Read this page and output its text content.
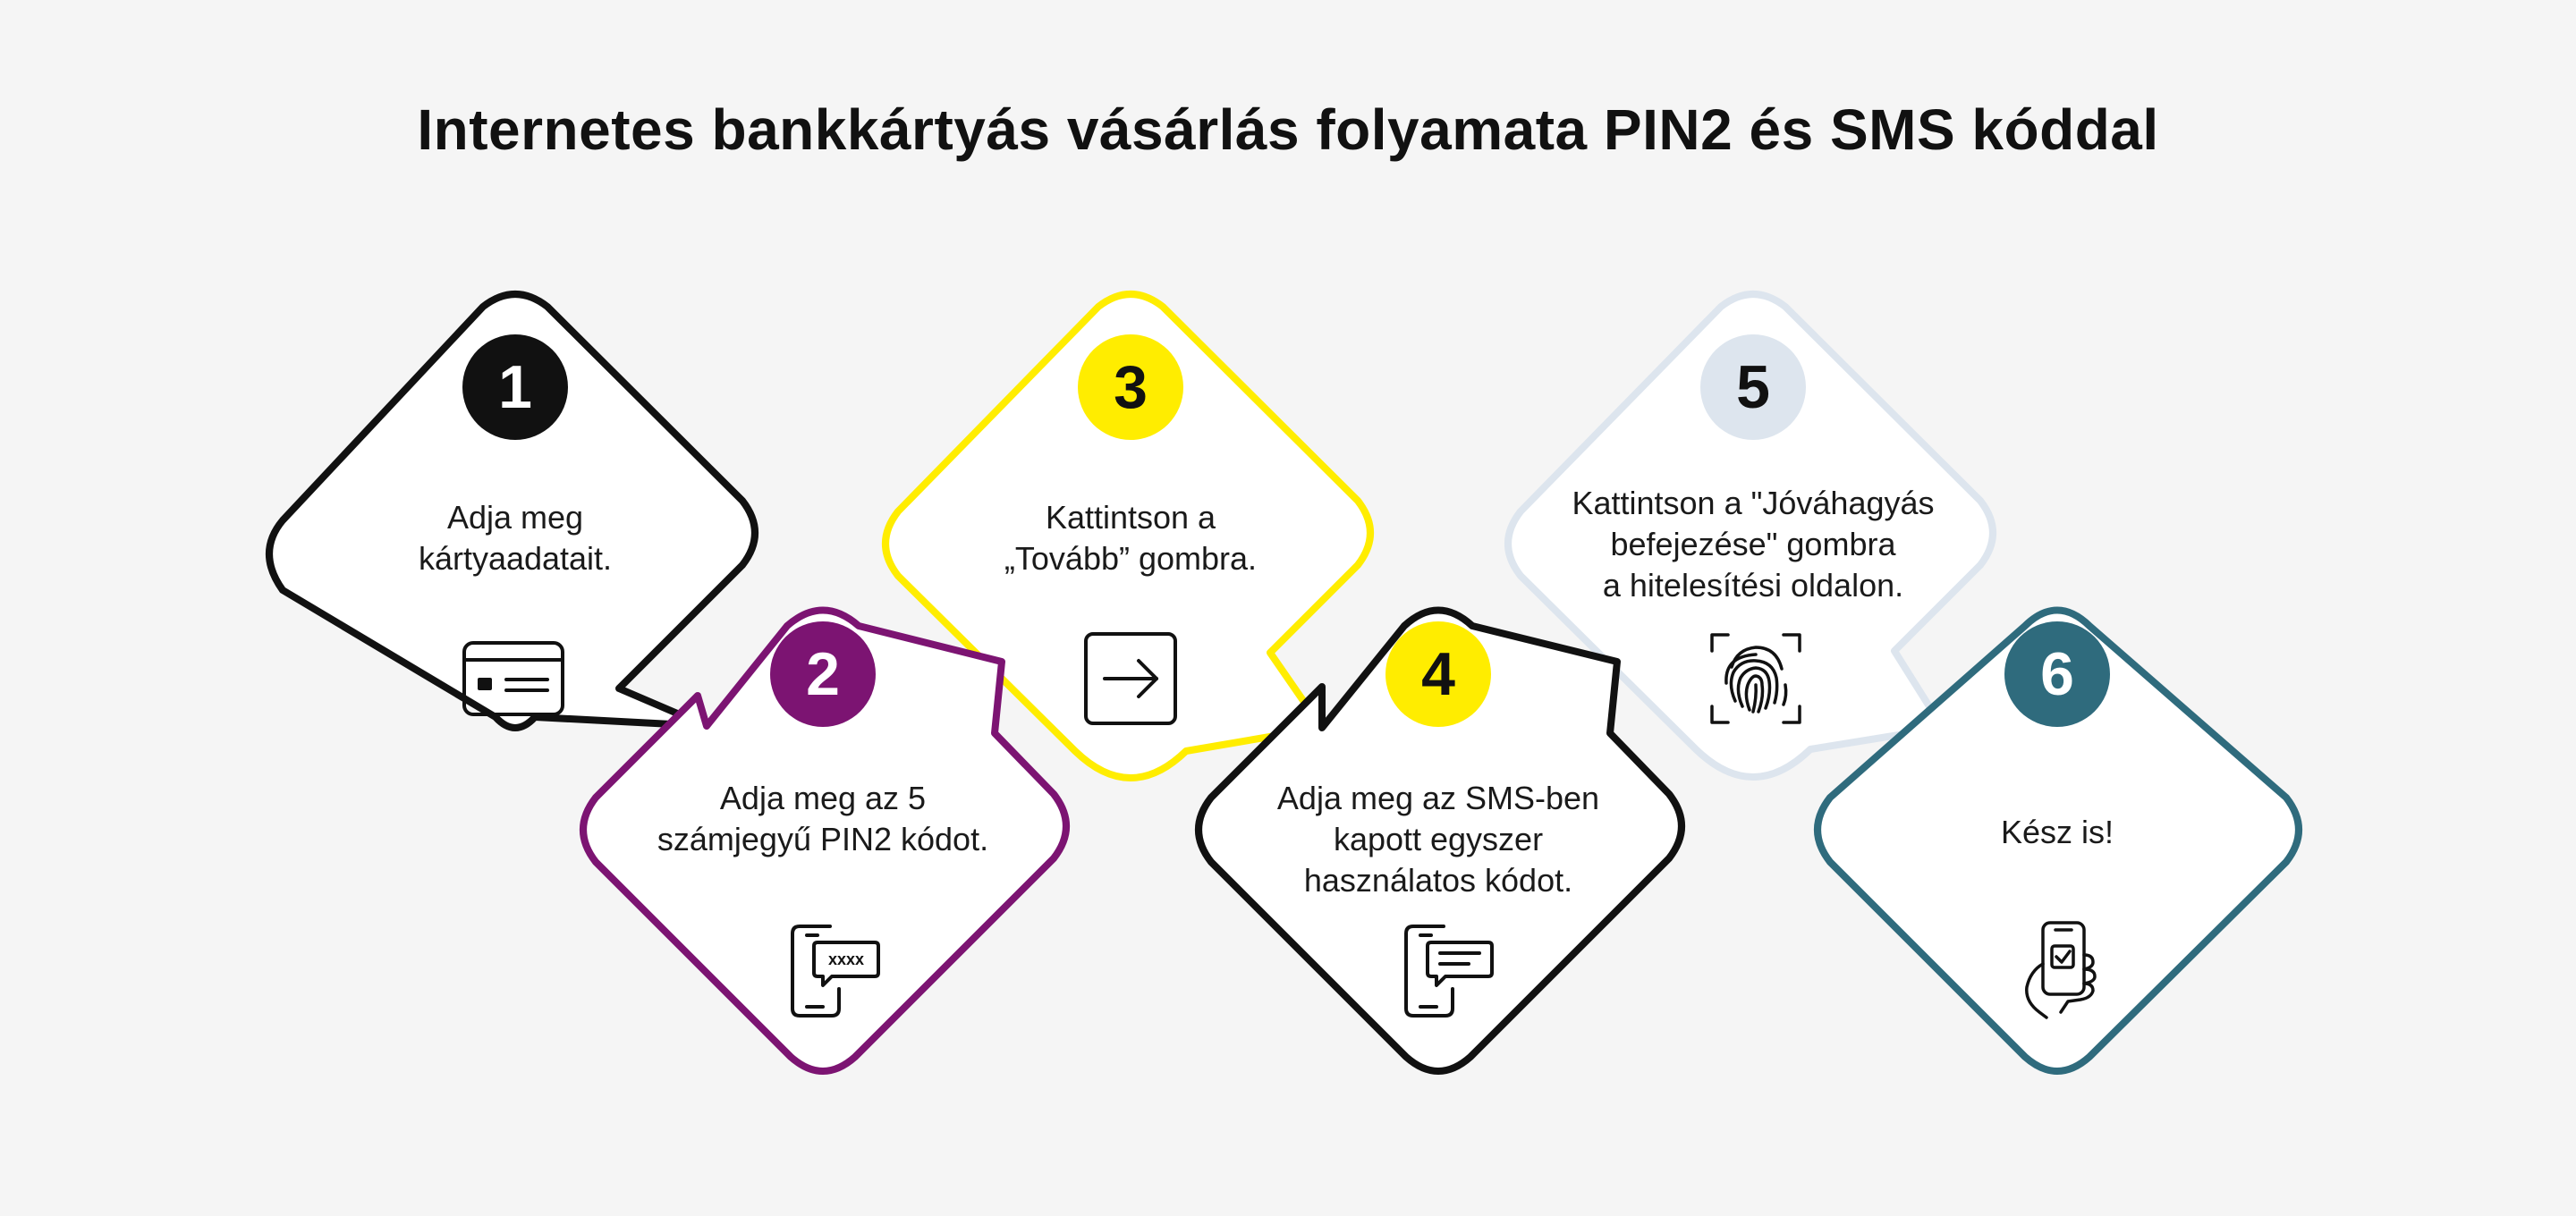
Internetes bankkártyás vásárlás folyamata PIN2 és SMS kóddal
1
2
3
4
5
6
Adja meg
kártyaadatait.
Adja meg az 5
számjegyű PIN2 kódot.
Kattintson a
„Tovább” gombra.
Adja meg az SMS-ben
kapott egyszer
használatos kódot.
Kattintson a "Jóváhagyás
befejezése" gombra
a hitelesítési oldalon.
Kész is!
xxxx
